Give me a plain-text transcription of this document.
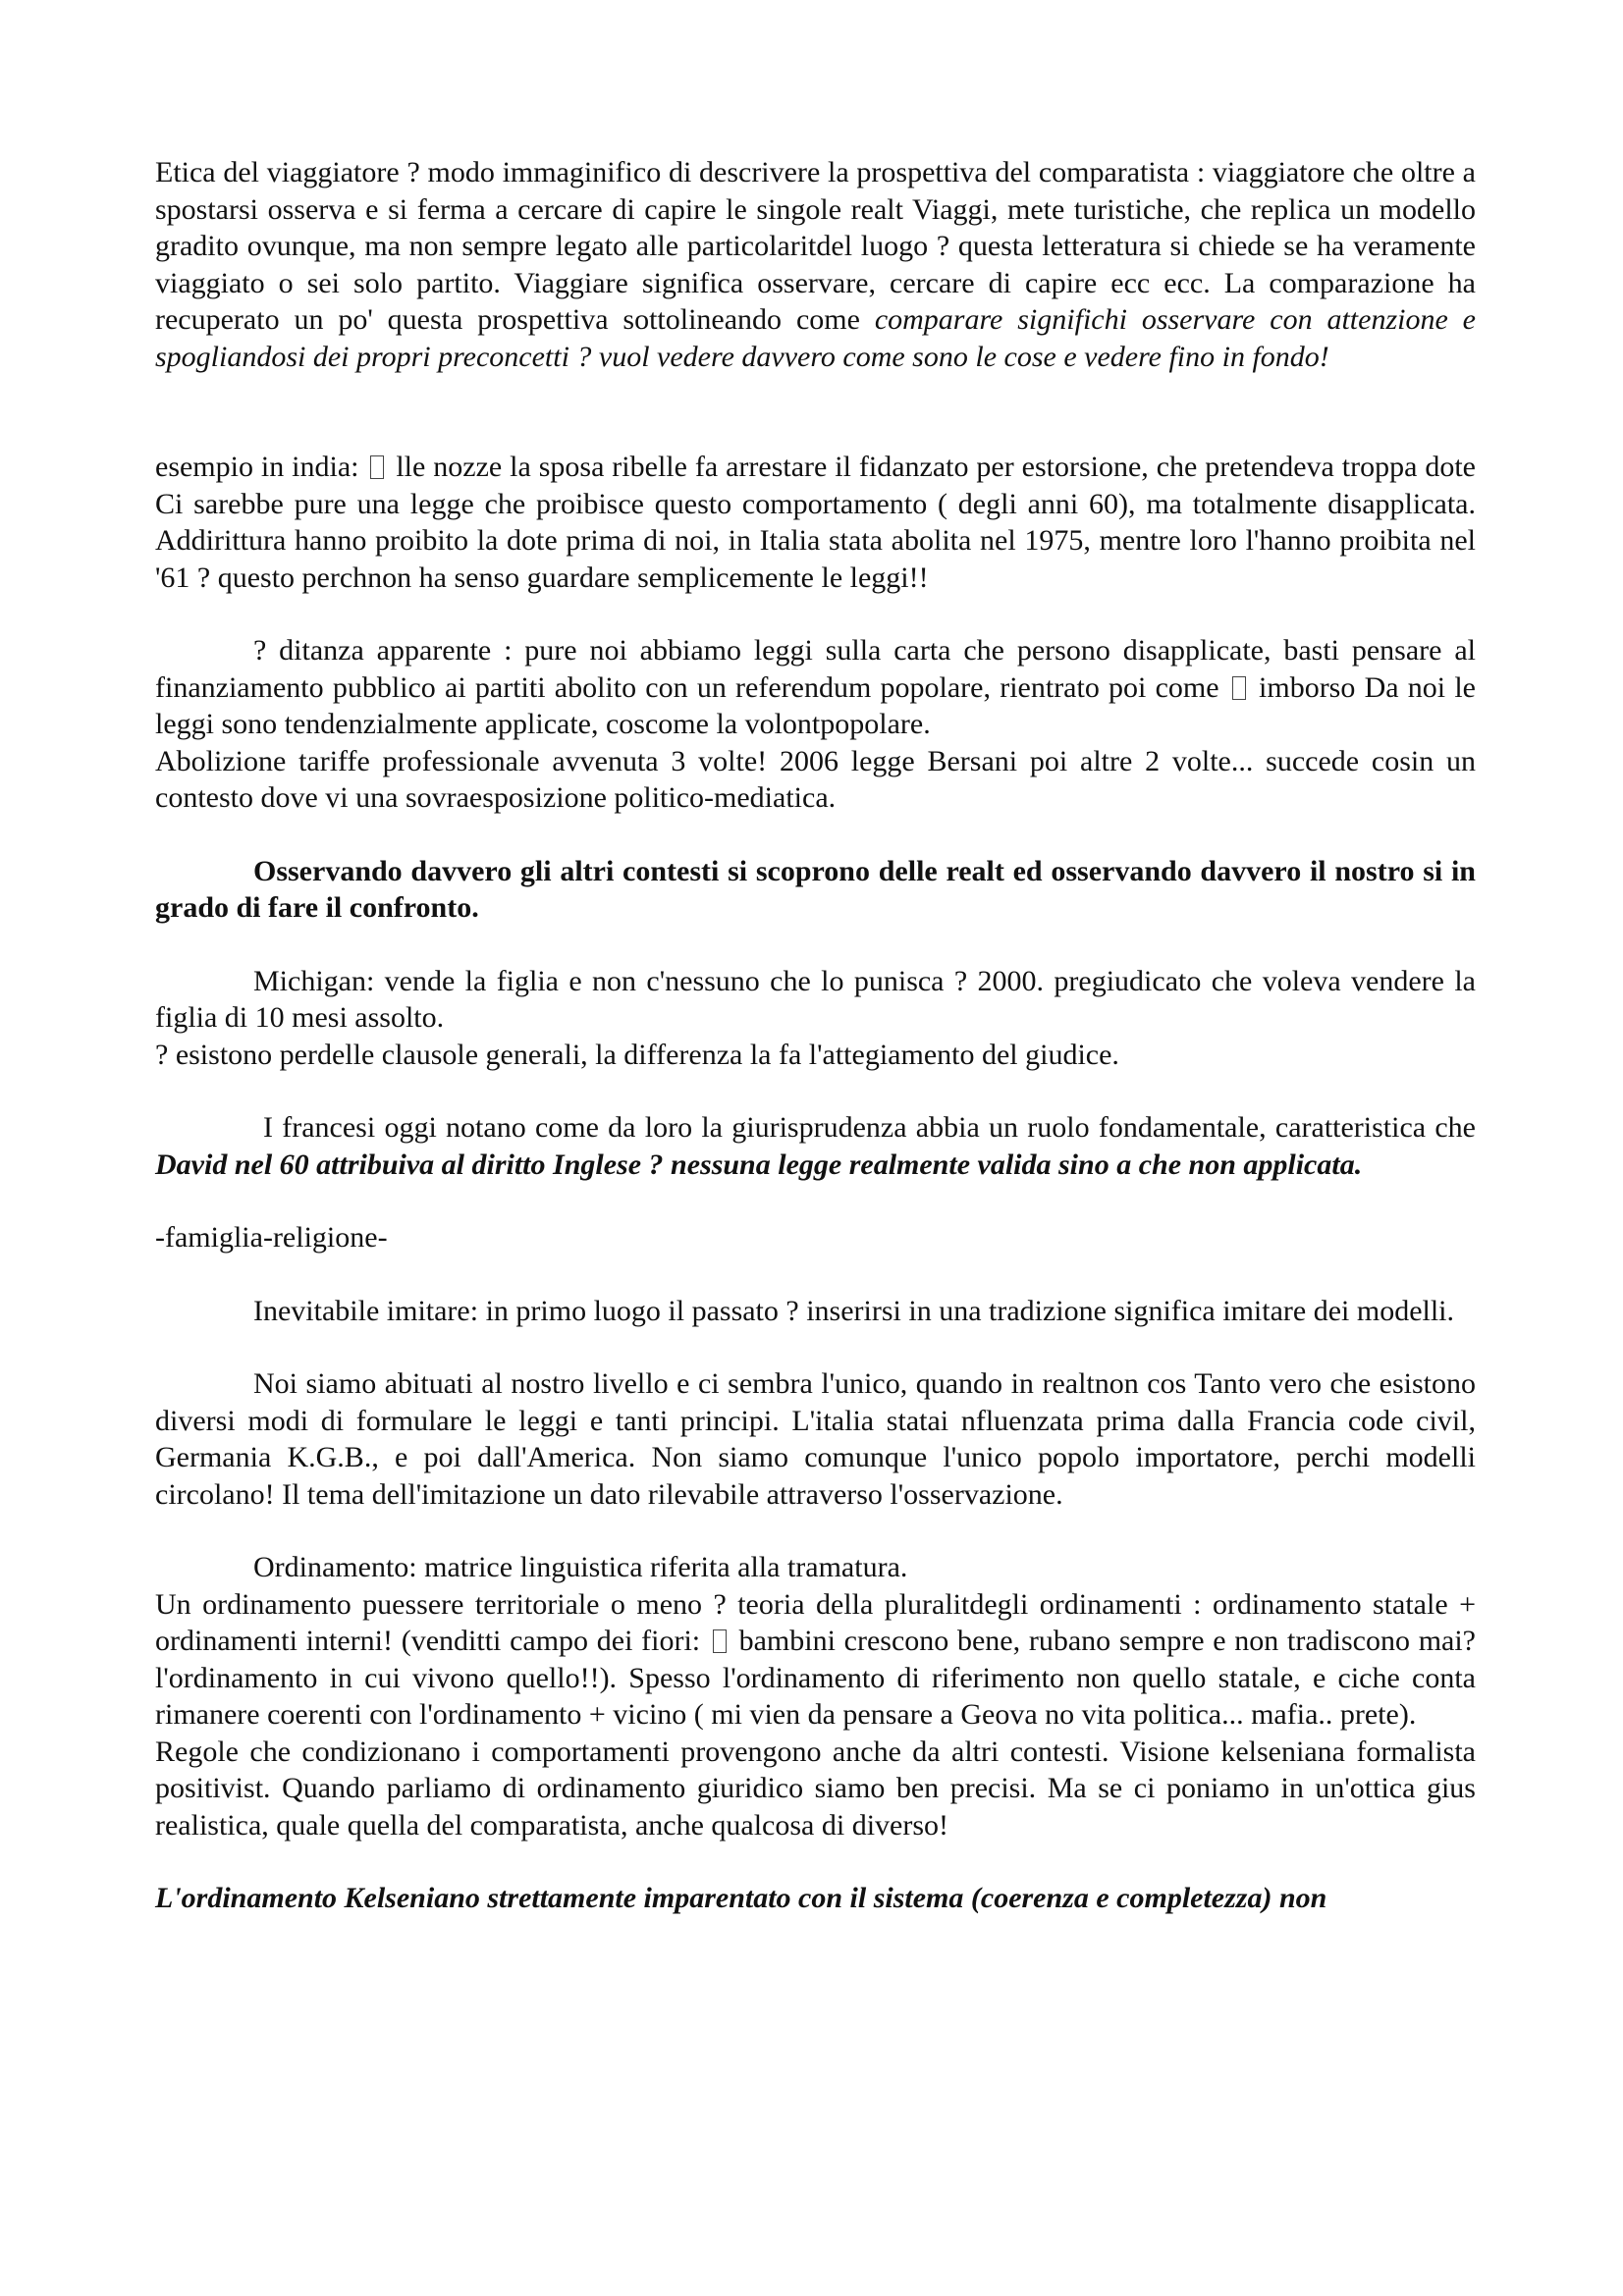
Etica del viaggiatore ? modo immaginifico di descrivere la prospettiva del comparatista : viaggiatore che oltre a spostarsi osserva e si ferma a cercare di capire le singole realt Viaggi, mete turistiche, che replica un modello gradito ovunque, ma non sempre legato alle particolaritdel luogo ? questa letteratura si chiede se ha veramente viaggiato o sei solo partito. Viaggiare significa osservare, cercare di capire ecc ecc. La comparazione ha recuperato un po' questa prospettiva sottolineando come comparare significhi osservare con attenzione e spogliandosi dei propri preconcetti ? vuol vedere davvero come sono le cose e vedere fino in fondo!

esempio in india:  lle nozze la sposa ribelle fa arrestare il fidanzato per estorsione, che pretendeva troppa dote Ci sarebbe pure una legge che proibisce questo comportamento ( degli anni 60), ma totalmente disapplicata. Addirittura hanno proibito la dote prima di noi, in Italia stata abolita nel 1975, mentre loro l'hanno proibita nel '61 ? questo perchnon ha senso guardare semplicemente le leggi!!

? ditanza apparente : pure noi abbiamo leggi sulla carta che persono disapplicate, basti pensare al finanziamento pubblico ai partiti abolito con un referendum popolare, rientrato poi come  imborso Da noi le leggi sono tendenzialmente applicate, coscome la volontpopolare.

Abolizione tariffe professionale avvenuta 3 volte! 2006 legge Bersani poi altre 2 volte... succede cosin un contesto dove vi una sovraesposizione politico-mediatica.

Osservando davvero gli altri contesti si scoprono delle realt ed osservando davvero il nostro si in grado di fare il confronto.

Michigan: vende la figlia e non c'nessuno che lo punisca ? 2000. pregiudicato che voleva vendere la figlia di 10 mesi assolto.

? esistono perdelle clausole generali, la differenza la fa l'attegiamento del giudice.

I francesi oggi notano come da loro la giurisprudenza abbia un ruolo fondamentale, caratteristica che David nel 60 attribuiva al diritto Inglese ? nessuna legge realmente valida sino a che non applicata.

-famiglia-religione-

Inevitabile imitare: in primo luogo il passato ? inserirsi in una tradizione significa imitare dei modelli.

Noi siamo abituati al nostro livello e ci sembra l'unico, quando in realtnon cos Tanto vero che esistono diversi modi di formulare le leggi e tanti principi. L'italia statai nfluenzata prima dalla Francia code civil, Germania K.G.B., e poi dall'America. Non siamo comunque l'unico popolo importatore, perchi modelli circolano! Il tema dell'imitazione un dato rilevabile attraverso l'osservazione.

Ordinamento: matrice linguistica riferita alla tramatura.

Un ordinamento puessere territoriale o meno ? teoria della pluralitdegli ordinamenti : ordinamento statale + ordinamenti interni! (venditti campo dei fiori:  bambini crescono bene, rubano sempre e non tradiscono mai? l'ordinamento in cui vivono quello!!). Spesso l'ordinamento di riferimento non quello statale, e ciche conta rimanere coerenti con l'ordinamento + vicino ( mi vien da pensare a Geova no vita politica... mafia.. prete).

Regole che condizionano i comportamenti provengono anche da altri contesti. Visione kelseniana formalista positivist. Quando parliamo di ordinamento giuridico siamo ben precisi. Ma se ci poniamo in un'ottica gius realistica, quale quella del comparatista, anche qualcosa di diverso!

L'ordinamento Kelseniano strettamente imparentato con il sistema (coerenza e completezza) non
